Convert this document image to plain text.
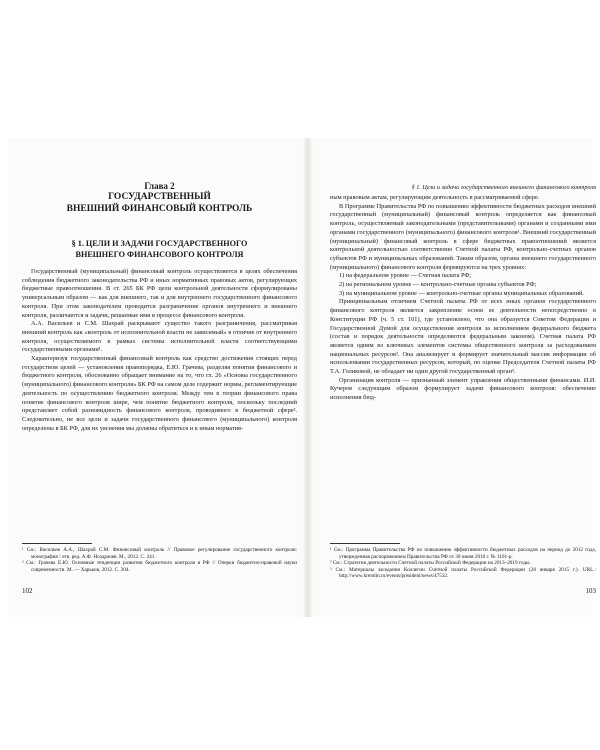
Глава 2
ГОСУДАРСТВЕННЫЙ
ВНЕШНИЙ ФИНАНСОВЫЙ КОНТРОЛЬ
§ 1. ЦЕЛИ И ЗАДАЧИ ГОСУДАРСТВЕННОГО
ВНЕШНЕГО ФИНАНСОВОГО КОНТРОЛЯ

Государственный (муниципальный) финансовый контроль осуществляется в целях обеспечения соблюдения бюджетного законодательства РФ и иных нормативных правовых актов, регулирующих бюджетные правоотношения. В ст. 265 БК РФ цели контрольной деятельности сформулированы универсальным образом — как для внешнего, так и для внутреннего государственного финансового контроля. При этом законодателем проводится разграничение органов внутреннего и внешнего контроля, различаются и задачи, решаемые ими в процессе финансового контроля.

А.А. Васильев и С.М. Шахрай раскрывают существо такого разграничения, рассматривая внешний контроль как «контроль от исполнительной власти не зависимый» в отличие от внутреннего контроля, осуществляемого в рамках системы исполнительной власти соответствующими государственными органами¹.

Характеризуя государственный финансовый контроль как средство достижения стоящих перед государством целей — установления правопорядка, Е.Ю. Грачева, разделяя понятия финансового и бюджетного контроля, обоснованно обращает внимание на то, что гл. 26 «Основы государственного (муниципального) финансового контроля» БК РФ на самом деле содержит нормы, регламентирующие деятельность по осуществлению бюджетного контроля. Между тем в теории финансового права понятие финансового контроля шире, чем понятие бюджетного контроля, поскольку последний представляет собой разновидность финансового контроля, проводимого в бюджетной сфере². Следовательно, не все цели и задачи государственного финансового (муниципального) контроля определены в БК РФ, для их уяснения мы должны обратиться и к иным норматив-

¹ См.: Васильев А.А., Шахрай С.М. Финансовый контроль // Правовое регулирование государственного контроля: монография / отв. ред. А.Ф. Ноздрачев. М., 2012. С. 241.

² См.: Грачева Е.Ю. Основные тенденции развития бюджетного контроля в РФ // Очерки бюджетно-правовой науки современности. М. — Харьков, 2012. С. 204.

102
§ 1. Цели и задачи государственного внешнего финансового контроля

ным правовым актам, регулирующим деятельность в рассматриваемой сфере.

В Программе Правительства РФ по повышению эффективности бюджетных расходов внешний государственный (муниципальный) финансовый контроль определяется как финансовый контроль, осуществляемый законодательными (представительными) органами и созданными ими органами государственного (муниципального) финансового контроля¹. Внешний государственный (муниципальный) финансовый контроль в сфере бюджетных правоотношений является контрольной деятельностью соответственно Счетной палаты РФ, контрольно-счетных органов субъектов РФ и муниципальных образований. Таким образом, органы внешнего государственного (муниципального) финансового контроля формируются на трех уровнях:

1) на федеральном уровне — Счетная палата РФ;

2) на региональном уровне — контрольно-счетные органы субъектов РФ;

3) на муниципальном уровне — контрольно-счетные органы муниципальных образований.

Принципиальным отличием Счетной палаты РФ от всех иных органов государственного финансового контроля является закрепление основ ее деятельности непосредственно в Конституции РФ (ч. 5 ст. 101), где установлено, что она образуется Советом Федерации и Государственной Думой для осуществления контроля за исполнением федерального бюджета (состав и порядок деятельности определяются федеральным законом). Счетная палата РФ является одним из ключевых элементов системы общественного контроля за расходованием национальных ресурсов². Она анализирует и формирует значительный массив информации об использовании государственных ресурсов, который, по оценке Председателя Счетной палаты РФ Т.А. Голиковой, не обладает ни один другой государственный орган³.

Организация контроля — признанный элемент управления общественными финансами. И.И. Кучеров следующим образом формулирует задачи финансового контроля: обеспечение исполнения бюд-

¹ См.: Программа Правительства РФ по повышению эффективности бюджетных расходов на период до 2012 года, утвержденная распоряжением Правительства РФ от 30 июня 2010 г. № 1101-р.

² См.: Стратегия деятельности Счетной палаты Российской Федерации на 2013–2019 годы.

³ См.: Материалы заседания Коллегии Счетной палаты Российской Федерации (28 января 2015 г.). URL.: http://www.kremlin.ru/events/president/news/47532.

103
